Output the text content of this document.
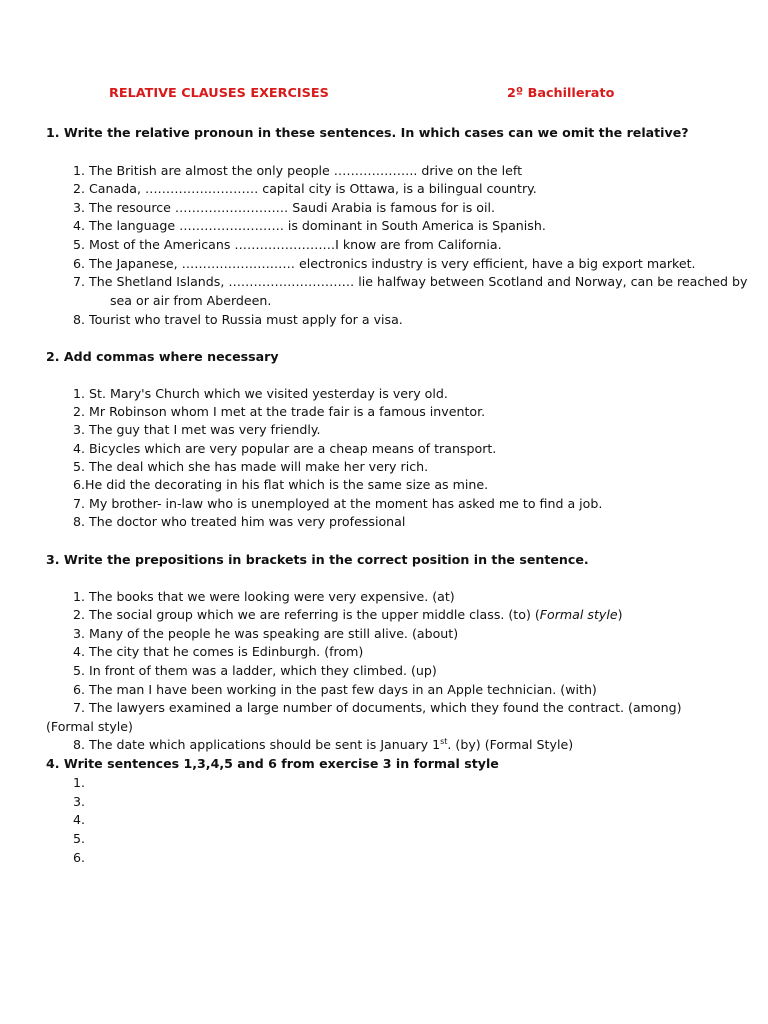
RELATIVE CLAUSES EXERCISES	2º Bachillerato
1. Write the relative pronoun in these sentences. In which cases can we omit the relative?
1. The British are almost the only people ……………….. drive on the left
2. Canada, ……………………… capital city is Ottawa, is a bilingual country.
3. The resource ……………………… Saudi Arabia is famous for is oil.
4. The language ……………………. is dominant in South America is Spanish.
5. Most of the Americans ……………………I know are from California.
6. The Japanese, ……………………… electronics industry is very efficient, have a big export market.
7. The Shetland Islands, ………………………… lie halfway between Scotland and Norway, can be reached by
sea or air from Aberdeen.
8. Tourist who travel to Russia must apply for a visa.
2. Add commas where necessary
1. St. Mary's Church which we visited yesterday is very old.
2. Mr Robinson whom I met at the trade fair is a famous inventor.
3. The guy that I met was very friendly.
4. Bicycles which are very popular are a cheap means of transport.
5. The deal which she has made will make her very rich.
6.He did the decorating in his flat which is the same size as mine.
7. My brother- in-law who is unemployed at the moment has asked me to find a job.
8. The doctor who treated him was very professional
3. Write the prepositions in brackets in the correct position in the sentence.
1. The books that we were looking were very expensive. (at)
2. The social group which we are referring is the upper middle class. (to) (Formal style)
3. Many of the people he was speaking are still alive. (about)
4. The city that he comes is Edinburgh. (from)
5. In front of them was a ladder, which they climbed. (up)
6. The man I have been working in the past few days in an Apple technician. (with)
7. The lawyers examined a large number of documents, which they found the contract. (among)
(Formal style)
8. The date which applications should be sent is January 1st. (by) (Formal Style)
4. Write sentences 1,3,4,5 and 6 from exercise 3 in formal style
1.
3.
4.
5.
6.
